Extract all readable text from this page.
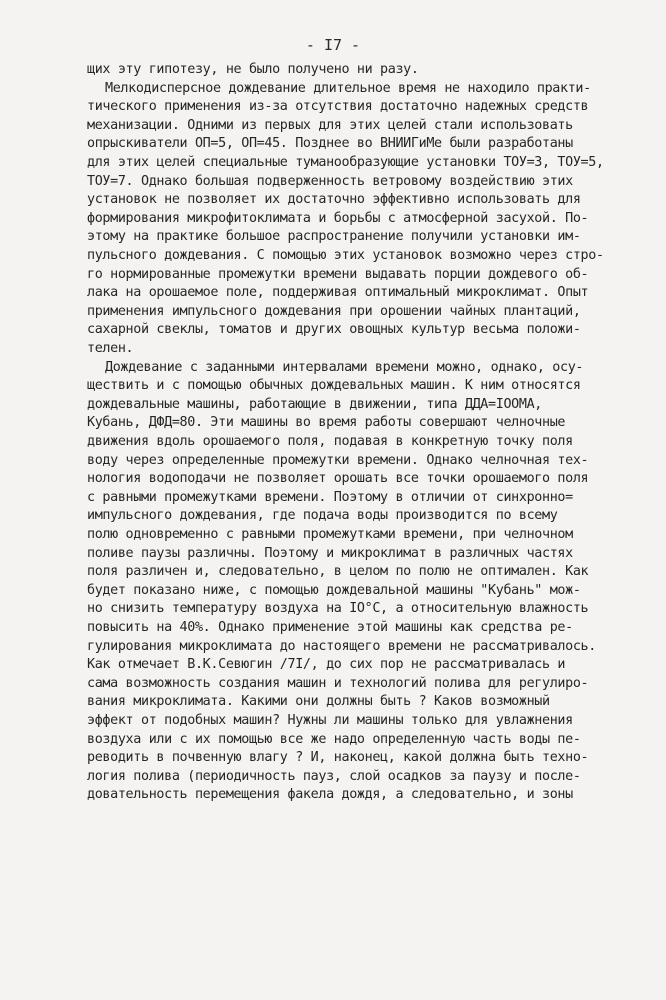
- I7 -
щих эту гипотезу, не было получено ни разу.
Мелкодисперсное дождевание длительное время не находило практи-
тического применения из-за отсутствия достаточно надежных средств
механизации. Одними из первых для этих целей стали использовать
опрыскиватели ОП=5, ОП=45. Позднее во ВНИИГиМе были разработаны
для этих целей специальные туманообразующие установки ТОУ=3, ТОУ=5,
ТОУ=7. Однако большая подверженность ветровому воздействию этих
установок не позволяет их достаточно эффективно использовать для
формирования микрофитоклимата и борьбы с атмосферной засухой. По-
этому на практике большое распространение получили установки им-
пульсного дождевания. С помощью этих установок возможно через стро-
го нормированные промежутки времени выдавать порции дождевого об-
лака на орошаемое поле, поддерживая оптимальный микроклимат. Опыт
применения импульсного дождевания при орошении чайных плантаций,
сахарной свеклы, томатов и других овощных культур весьма положи-
телен.
Дождевание с заданными интервалами времени можно, однако, осу-
ществить и с помощью обычных дождевальных машин. К ним относятся
дождевальные машины, работающие в движении, типа ДДА=IООМА,
Кубань, ДФД=80. Эти машины во время работы совершают челночные
движения вдоль орошаемого поля, подавая в конкретную точку поля
воду через определенные промежутки времени. Однако челночная тех-
нология водоподачи не позволяет орошать все точки орошаемого поля
с равными промежутками времени. Поэтому в отличии от синхронно=
импульсного дождевания, где подача воды производится по всему
полю одновременно с равными промежутками времени, при челночном
поливе паузы различны. Поэтому и микроклимат в различных частях
поля различен и, следовательно, в целом по полю не оптимален. Как
будет показано ниже, с помощью дождевальной машины "Кубань" мож-
но снизить температуру воздуха на IО°С, а относительную влажность
повысить на 40%. Однако применение этой машины как средства ре-
гулирования микроклимата до настоящего времени не рассматривалось.
Как отмечает В.К.Севюгин /7I/, до сих пор не рассматривалась и
сама возможность создания машин и технологий полива для регулиро-
вания микроклимата. Какими они должны быть ? Каков возможный
эффект от подобных машин? Нужны ли машины только для увлажнения
воздуха или с их помощью все же надо определенную часть воды пе-
реводить в почвенную влагу ? И, наконец, какой должна быть техно-
логия полива (периодичность пауз, слой осадков за паузу и после-
довательность перемещения факела дождя, а следовательно, и зоны
